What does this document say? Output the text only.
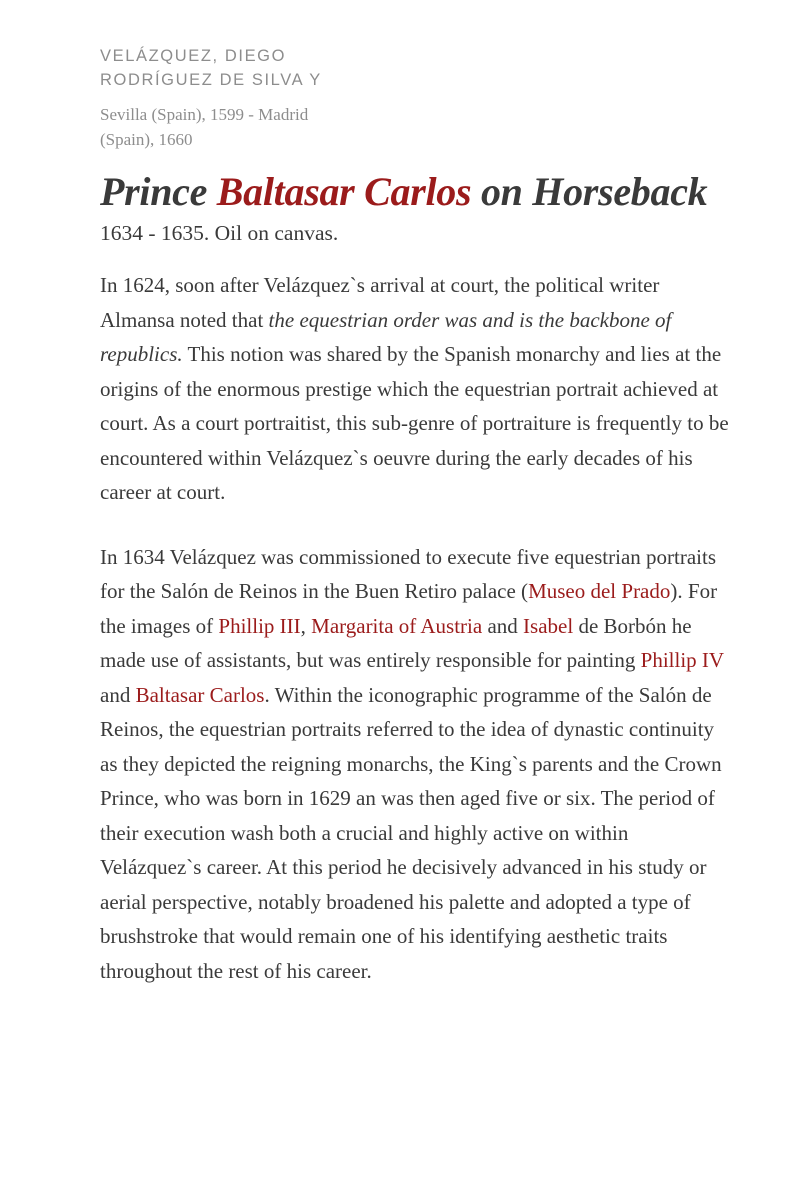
VELÁZQUEZ, DIEGO RODRÍGUEZ DE SILVA Y

Sevilla (Spain), 1599 - Madrid (Spain), 1660

Prince Baltasar Carlos on Horseback

1634 - 1635. Oil on canvas.

In 1624, soon after Velázquez`s arrival at court, the political writer Almansa noted that the equestrian order was and is the backbone of republics. This notion was shared by the Spanish monarchy and lies at the origins of the enormous prestige which the equestrian portrait achieved at court. As a court portraitist, this sub-genre of portraiture is frequently to be encountered within Velázquez`s oeuvre during the early decades of his career at court.

In 1634 Velázquez was commissioned to execute five equestrian portraits for the Salón de Reinos in the Buen Retiro palace (Museo del Prado). For the images of Phillip III, Margarita of Austria and Isabel de Borbón he made use of assistants, but was entirely responsible for painting Phillip IV and Baltasar Carlos. Within the iconographic programme of the Salón de Reinos, the equestrian portraits referred to the idea of dynastic continuity as they depicted the reigning monarchs, the King`s parents and the Crown Prince, who was born in 1629 an was then aged five or six. The period of their execution wash both a crucial and highly active on within Velázquez`s career. At this period he decisively advanced in his study or aerial perspective, notably broadened his palette and adopted a type of brushstroke that would remain one of his identifying aesthetic traits throughout the rest of his career.
